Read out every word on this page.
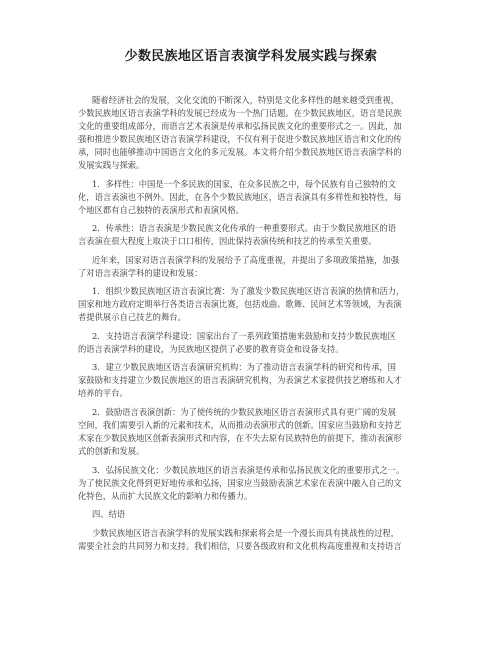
少数民族地区语言表演学科发展实践与探索
随着经济社会的发展，文化交流的不断深入，特别是文化多样性的越来越受到重视，
少数民族地区语言表演学科的发展已经成为一个热门话题。在少数民族地区，语言是民族
文化的重要组成部分，而语言艺术表演是传承和弘扬民族文化的重要形式之一。因此，加
强和推进少数民族地区语言表演学科建设，不仅有利于促进少数民族地区语言和文化的传
承，同时也能够推动中国语言文化的多元发展。本文将介绍少数民族地区语言表演学科的
发展实践与探索。
1．多样性：中国是一个多民族的国家，在众多民族之中，每个民族有自己独特的文
化，语言表演也不例外。因此，在各个少数民族地区，语言表演具有多样性和独特性，每
个地区都有自己独特的表演形式和表演风格。
2．传承性：语言表演是少数民族文化传承的一种重要形式。由于少数民族地区的语
言表演在很大程度上取决于口口相传，因此保持表演传统和技艺的传承至关重要。
近年来，国家对语言表演学科的发展给予了高度重视，并提出了多项政策措施，加强
了对语言表演学科的建设和发展：
1．组织少数民族地区语言表演比赛：为了激发少数民族地区语言表演的热情和活力，
国家和地方政府定期举行各类语言表演比赛，包括戏曲、歌舞、民间艺术等领域，为表演
者提供展示自己技艺的舞台。
2．支持语言表演学科建设：国家出台了一系列政策措施来鼓励和支持少数民族地区
的语言表演学科的建设，为民族地区提供了必要的教育资金和设备支持。
3．建立少数民族地区语言表演研究机构：为了推动语言表演学科的研究和传承，国
家鼓励和支持建立少数民族地区的语言表演研究机构，为表演艺术家提供技艺磨练和人才
培养的平台。
2．鼓励语言表演创新：为了使传统的少数民族地区语言表演形式具有更广阔的发展
空间，我们需要引入新的元素和技术，从而推动表演形式的创新。国家应当鼓励和支持艺
术家在少数民族地区创新表演形式和内容，在不失去原有民族特色的前提下，推动表演形
式的创新和发展。
3．弘扬民族文化：少数民族地区的语言表演是传承和弘扬民族文化的重要形式之一。
为了使民族文化得到更好地传承和弘扬，国家应当鼓励表演艺术家在表演中融入自己的文
化特色，从而扩大民族文化的影响力和传播力。
四、结语
少数民族地区语言表演学科的发展实践和探索将会是一个漫长而具有挑战性的过程，
需要全社会的共同努力和支持。我们相信，只要各级政府和文化机构高度重视和支持语言
